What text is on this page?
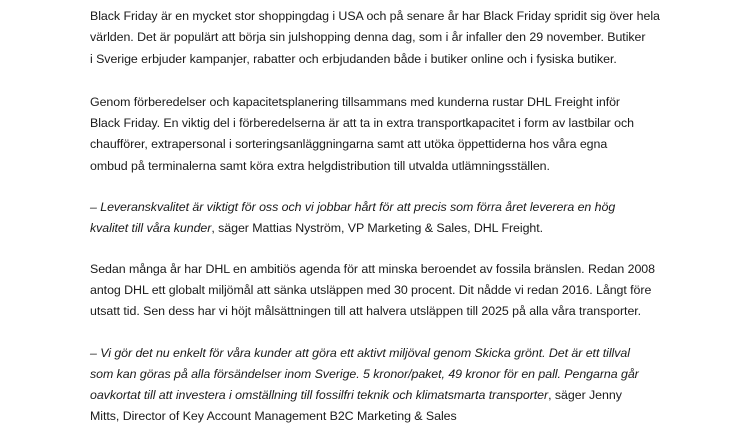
Black Friday är en mycket stor shoppingdag i USA och på senare år har Black Friday spridit sig över hela
världen. Det är populärt att börja sin julshopping denna dag, som i år infaller den 29 november. Butiker
i Sverige erbjuder kampanjer, rabatter och erbjudanden både i butiker online och i fysiska butiker.

Genom förberedelser och kapacitetsplanering tillsammans med kunderna rustar DHL Freight inför
Black Friday. En viktig del i förberedelserna är att ta in extra transportkapacitet i form av lastbilar och
chaufförer, extrapersonal i sorteringsanläggningarna samt att utöka öppettiderna hos våra egna
ombud på terminalerna samt köra extra helgdistribution till utvalda utlämningsställen.

– Leveranskvalitet är viktigt för oss och vi jobbar hårt för att precis som förra året leverera en hög
kvalitet till våra kunder, säger Mattias Nyström, VP Marketing & Sales, DHL Freight.

Sedan många år har DHL en ambitiös agenda för att minska beroendet av fossila bränslen. Redan 2008
antog DHL ett globalt miljömål att sänka utsläppen med 30 procent. Dit nådde vi redan 2016. Långt före
utsatt tid. Sen dess har vi höjt målsättningen till att halvera utsläppen till 2025 på alla våra transporter.

– Vi gör det nu enkelt för våra kunder att göra ett aktivt miljöval genom Skicka grönt. Det är ett tillval
som kan göras på alla försändelser inom Sverige. 5 kronor/paket, 49 kronor för en pall. Pengarna går
oavkortat till att investera i omställning till fossilfri teknik och klimatsmarta transporter, säger Jenny
Mitts, Director of Key Account Management B2C Marketing & Sales
